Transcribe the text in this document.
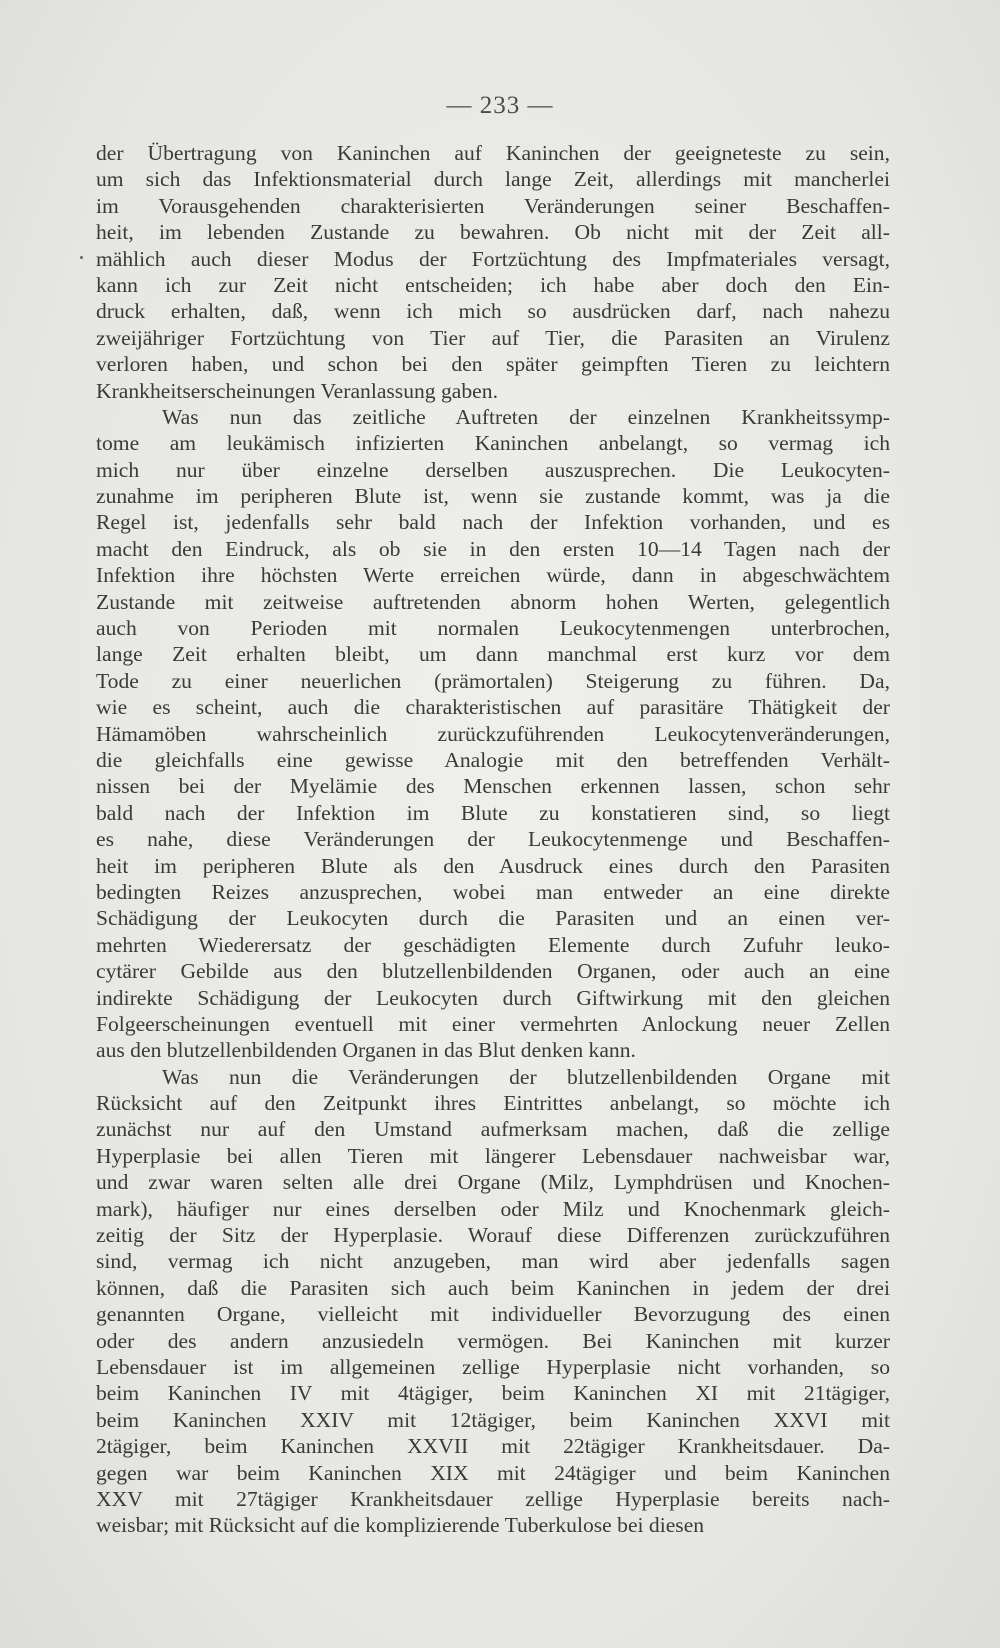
— 233 —
der Übertragung von Kaninchen auf Kaninchen der geeigneteste zu sein,
um sich das Infektionsmaterial durch lange Zeit, allerdings mit mancherlei
im Vorausgehenden charakterisierten Veränderungen seiner Beschaffen-
heit, im lebenden Zustande zu bewahren. Ob nicht mit der Zeit all-
mählich auch dieser Modus der Fortzüchtung des Impfmateriales versagt,
kann ich zur Zeit nicht entscheiden; ich habe aber doch den Ein-
druck erhalten, daß, wenn ich mich so ausdrücken darf, nach nahezu
zweijähriger Fortzüchtung von Tier auf Tier, die Parasiten an Virulenz
verloren haben, und schon bei den später geimpften Tieren zu leichtern
Krankheitserscheinungen Veranlassung gaben.
Was nun das zeitliche Auftreten der einzelnen Krankheitssymp-
tome am leukämisch infizierten Kaninchen anbelangt, so vermag ich
mich nur über einzelne derselben auszusprechen. Die Leukocyten-
zunahme im peripheren Blute ist, wenn sie zustande kommt, was ja die
Regel ist, jedenfalls sehr bald nach der Infektion vorhanden, und es
macht den Eindruck, als ob sie in den ersten 10—14 Tagen nach der
Infektion ihre höchsten Werte erreichen würde, dann in abgeschwächtem
Zustande mit zeitweise auftretenden abnorm hohen Werten, gelegentlich
auch von Perioden mit normalen Leukocytenmengen unterbrochen,
lange Zeit erhalten bleibt, um dann manchmal erst kurz vor dem
Tode zu einer neuerlichen (prämortalen) Steigerung zu führen. Da,
wie es scheint, auch die charakteristischen auf parasitäre Thätigkeit der
Hämamöben wahrscheinlich zurückzuführenden Leukocytenveränderungen,
die gleichfalls eine gewisse Analogie mit den betreffenden Verhält-
nissen bei der Myelämie des Menschen erkennen lassen, schon sehr
bald nach der Infektion im Blute zu konstatieren sind, so liegt
es nahe, diese Veränderungen der Leukocytenmenge und Beschaffen-
heit im peripheren Blute als den Ausdruck eines durch den Parasiten
bedingten Reizes anzusprechen, wobei man entweder an eine direkte
Schädigung der Leukocyten durch die Parasiten und an einen ver-
mehrten Wiederersatz der geschädigten Elemente durch Zufuhr leuko-
cytärer Gebilde aus den blutzellenbildenden Organen, oder auch an eine
indirekte Schädigung der Leukocyten durch Giftwirkung mit den gleichen
Folgeerscheinungen eventuell mit einer vermehrten Anlockung neuer Zellen
aus den blutzellenbildenden Organen in das Blut denken kann.
Was nun die Veränderungen der blutzellenbildenden Organe mit
Rücksicht auf den Zeitpunkt ihres Eintrittes anbelangt, so möchte ich
zunächst nur auf den Umstand aufmerksam machen, daß die zellige
Hyperplasie bei allen Tieren mit längerer Lebensdauer nachweisbar war,
und zwar waren selten alle drei Organe (Milz, Lymphdrüsen und Knochen-
mark), häufiger nur eines derselben oder Milz und Knochenmark gleich-
zeitig der Sitz der Hyperplasie. Worauf diese Differenzen zurückzuführen
sind, vermag ich nicht anzugeben, man wird aber jedenfalls sagen
können, daß die Parasiten sich auch beim Kaninchen in jedem der drei
genannten Organe, vielleicht mit individueller Bevorzugung des einen
oder des andern anzusiedeln vermögen. Bei Kaninchen mit kurzer
Lebensdauer ist im allgemeinen zellige Hyperplasie nicht vorhanden, so
beim Kaninchen IV mit 4tägiger, beim Kaninchen XI mit 21tägiger,
beim Kaninchen XXIV mit 12tägiger, beim Kaninchen XXVI mit
2tägiger, beim Kaninchen XXVII mit 22tägiger Krankheitsdauer. Da-
gegen war beim Kaninchen XIX mit 24tägiger und beim Kaninchen
XXV mit 27tägiger Krankheitsdauer zellige Hyperplasie bereits nach-
weisbar; mit Rücksicht auf die komplizierende Tuberkulose bei diesen
